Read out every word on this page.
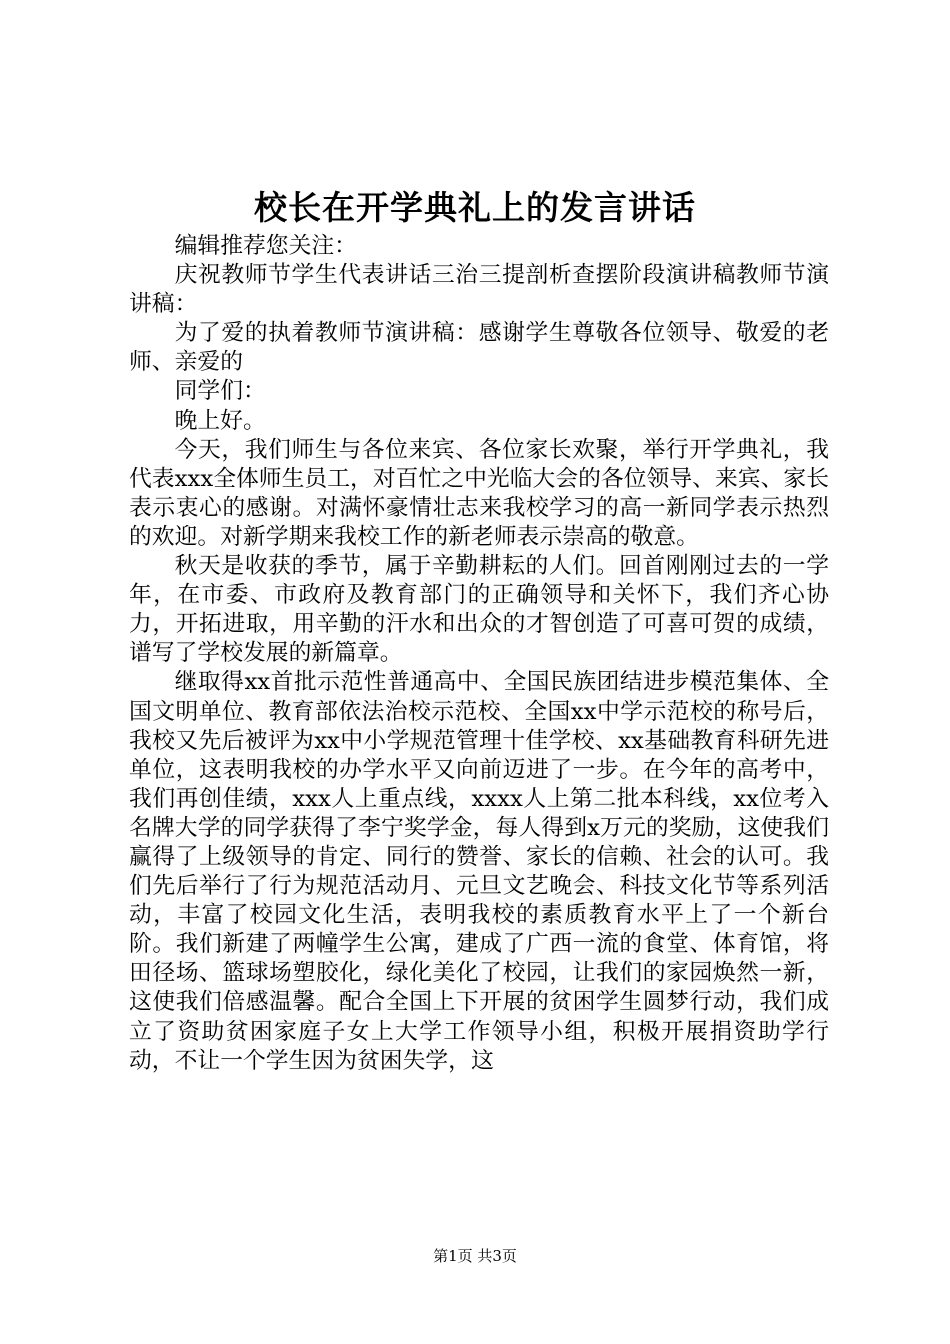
校长在开学典礼上的发言讲话

编辑推荐您关注：

庆祝教师节学生代表讲话三治三提剖析查摆阶段演讲稿教师节演讲稿：

为了爱的执着教师节演讲稿：感谢学生尊敬各位领导、敬爱的老师、亲爱的

同学们：

晚上好。

今天，我们师生与各位来宾、各位家长欢聚，举行开学典礼，我代表xxx全体师生员工，对百忙之中光临大会的各位领导、来宾、家长表示衷心的感谢。对满怀豪情壮志来我校学习的高一新同学表示热烈的欢迎。对新学期来我校工作的新老师表示崇高的敬意。

秋天是收获的季节，属于辛勤耕耘的人们。回首刚刚过去的一学年，在市委、市政府及教育部门的正确领导和关怀下，我们齐心协力，开拓进取，用辛勤的汗水和出众的才智创造了可喜可贺的成绩，谱写了学校发展的新篇章。

继取得xx首批示范性普通高中、全国民族团结进步模范集体、全国文明单位、教育部依法治校示范校、全国xx中学示范校的称号后，我校又先后被评为xx中小学规范管理十佳学校、xx基础教育科研先进单位，这表明我校的办学水平又向前迈进了一步。在今年的高考中，我们再创佳绩，xxx人上重点线，xxxx人上第二批本科线，xx位考入名牌大学的同学获得了李宁奖学金，每人得到x万元的奖励，这使我们赢得了上级领导的肯定、同行的赞誉、家长的信赖、社会的认可。我们先后举行了行为规范活动月、元旦文艺晚会、科技文化节等系列活动，丰富了校园文化生活，表明我校的素质教育水平上了一个新台阶。我们新建了两幢学生公寓，建成了广西一流的食堂、体育馆，将田径场、篮球场塑胶化，绿化美化了校园，让我们的家园焕然一新，这使我们倍感温馨。配合全国上下开展的贫困学生圆梦行动，我们成立了资助贫困家庭子女上大学工作领导小组，积极开展捐资助学行动，不让一个学生因为贫困失学，这

第1页 共3页
